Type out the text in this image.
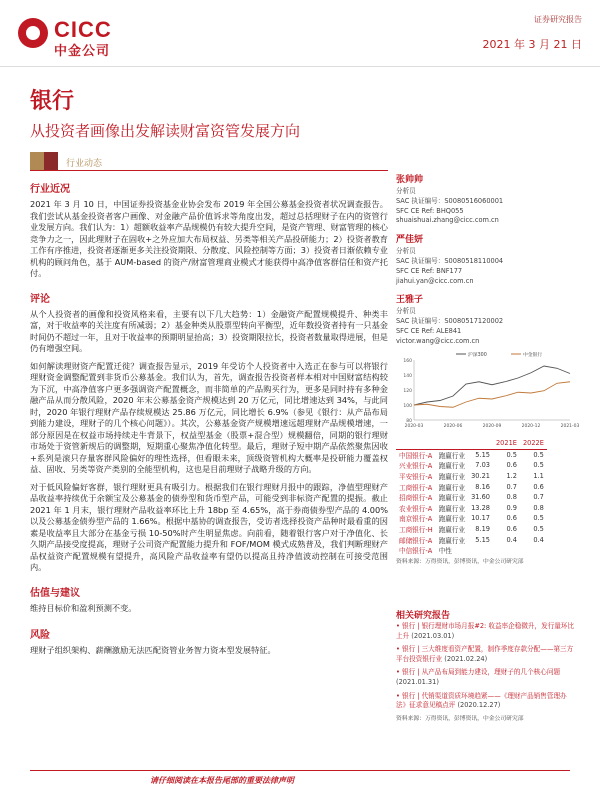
CICC
中金公司
证券研究报告
2021 年 3 月 21 日
银行
从投资者画像出发解读财富资管发展方向
行业动态
行业近况
2021 年 3 月 10 日，中国证券投资基金业协会发布 2019 年全国公募基金投资者状况调查报告。我们尝试从基金投资者客户画像、对金融产品价值诉求等角度出发，超过总括理财子在内的资管行业发展方向。我们认为：1）超额收益率产品规模仍有较大提升空间，是资产管理、财富管理的核心竞争力之一，因此理财子在固收+之外应加大布局权益、另类等相关产品投研能力；2）投资者教育工作有序推进，投资者逐渐更多关注投资期限、分散度、风险控制等方面；3）投资者日渐依赖专业机构的顾问角色，基于 AUM-based 的资产/财富管理商业模式才能获得中高净值客群信任和资产托付。
评论
从个人投资者的画像和投资风格来看，主要有以下几大趋势：1）金融资产配置规模提升、种类丰富，对于收益率的关注度有所减弱；2）基金种类从股票型转向平衡型，近年数投资者持有一只基金时间仍不超过一年，且对于收益率的预期明显抬高；3）投资期限拉长，投资者数量取得进展，但是仍有增强空间。
如何解读理财资产配置迁徙？调查报告显示，2019 年受访个人投资者中入选正在参与可以将银行理财资金调整配置到非货币公募基金。我们认为，首先，调查报告投资者样本相对中国财富结构较为下沉，中高净值客户更多强调资产配置概念，而非简单的产品购买行为，更多是同时持有多种金融产品从而分散风险，2020 年末公募基金资产规模达到 20 万亿元，同比增速达到 34%，与此同时，2020 年银行理财产品存续规模达 25.86 万亿元，同比增长 6.9%（参见《银行：从产品布局到能力建设，理财子的几个核心问题》）。其次，公募基金资产规模增速远超理财产品规模增速，一部分原因是在权益市场持续走牛背景下，权益型基金（股票+混合型）规模翻倍，同期的银行理财市场处于资管新规后的调整期，短期重心聚焦净值化转型。最后，理财子短中期产品依然聚焦因收+系列是滚只存量客群风险偏好的理性选择，但看眼未来，顶级资管机构大概率是投研能力覆盖权益、固收、另类等资产类别的全能型机构，这也是目前理财子战略升级的方向。
对于低风险偏好客群，银行理财更具有吸引力。根据我们在银行理财月报中的跟踪，净值型理财产品收益率持续优于余额宝及公募基金的债券型和货币型产品，可能受到非标资产配置的提振。截止 2021 年 1 月末，银行理财产品收益率环比上升 18bp 至 4.65%，高于券商债券型产品的 4.00%以及公募基金债券型产品的 1.66%。根据中基协的调查报告，受访者选择投资产品种时最看重的因素是收益率且大部分在基金亏损 10-50%时产生明显焦虑。向前看，随着银行客户对于净值化、长久期产品接受度提高，理财子公司资产配置能力提升和 FOF/MOM 模式成熟普及，我们判断理财产品权益资产配置规模有望提升，高风险产品收益率有望仍以提高且持净值波动控制在可接受范围内。
估值与建议
维持目标价和盈利预测不变。
风险
理财子组织架构、薪酬激励无法匹配资管业务智力资本型发展特征。
张帅帅
分析员
SAC 执证编号：S0080516060001
SFC CE Ref: BHQ055
shuaishuai.zhang@cicc.com.cn
严佳妍
分析员
SAC 执证编号：S0080518110004
SFC CE Ref: BNF177
jiahui.yan@cicc.com.cn
王雅子
分析员
SAC 执证编号：S0080517120002
SFC CE Ref: ALE841
victor.wang@cicc.com.cn
80
100
120
140
160
2020-03	2020-06	2020-09	2020-12	2021-03
沪深300	中金银行
			2021E	2022E
中国银行-A	跑赢行业	5.15	0.5	0.5
兴业银行-A	跑赢行业	7.03	0.6	0.5
平安银行-A	跑赢行业	30.21	1.2	1.1
工商银行-A	跑赢行业	8.16	0.7	0.6
招商银行-A	跑赢行业	31.60	0.8	0.7
农业银行-A	跑赢行业	13.28	0.9	0.8
南京银行-A	跑赢行业	10.17	0.6	0.5
工商银行-H	跑赢行业	8.19	0.6	0.5
邮储银行-A	跑赢行业	5.15	0.4	0.4
中信银行-A	中性			
资料来源：万得资讯，彭博资讯，中金公司研究部
相关研究报告
• 银行 | 银行理财市场月报#2: 收益率企稳微升，发行量环比上升 (2021.03.01)
• 银行 | 三大维度看资产配置，制作季度存款分配——第三方平台投资银行业 (2021.02.24)
• 银行 | 从产品布局到能力建设，理财子的几个核心问题 (2021.01.31)
• 银行 | 代销渠道资质环境趋紧——《理财产品销售管理办法》征求意见稿点评 (2020.12.27)
资料来源：万得资讯，彭博资讯，中金公司研究部
请仔细阅读在本报告尾部的重要法律声明
